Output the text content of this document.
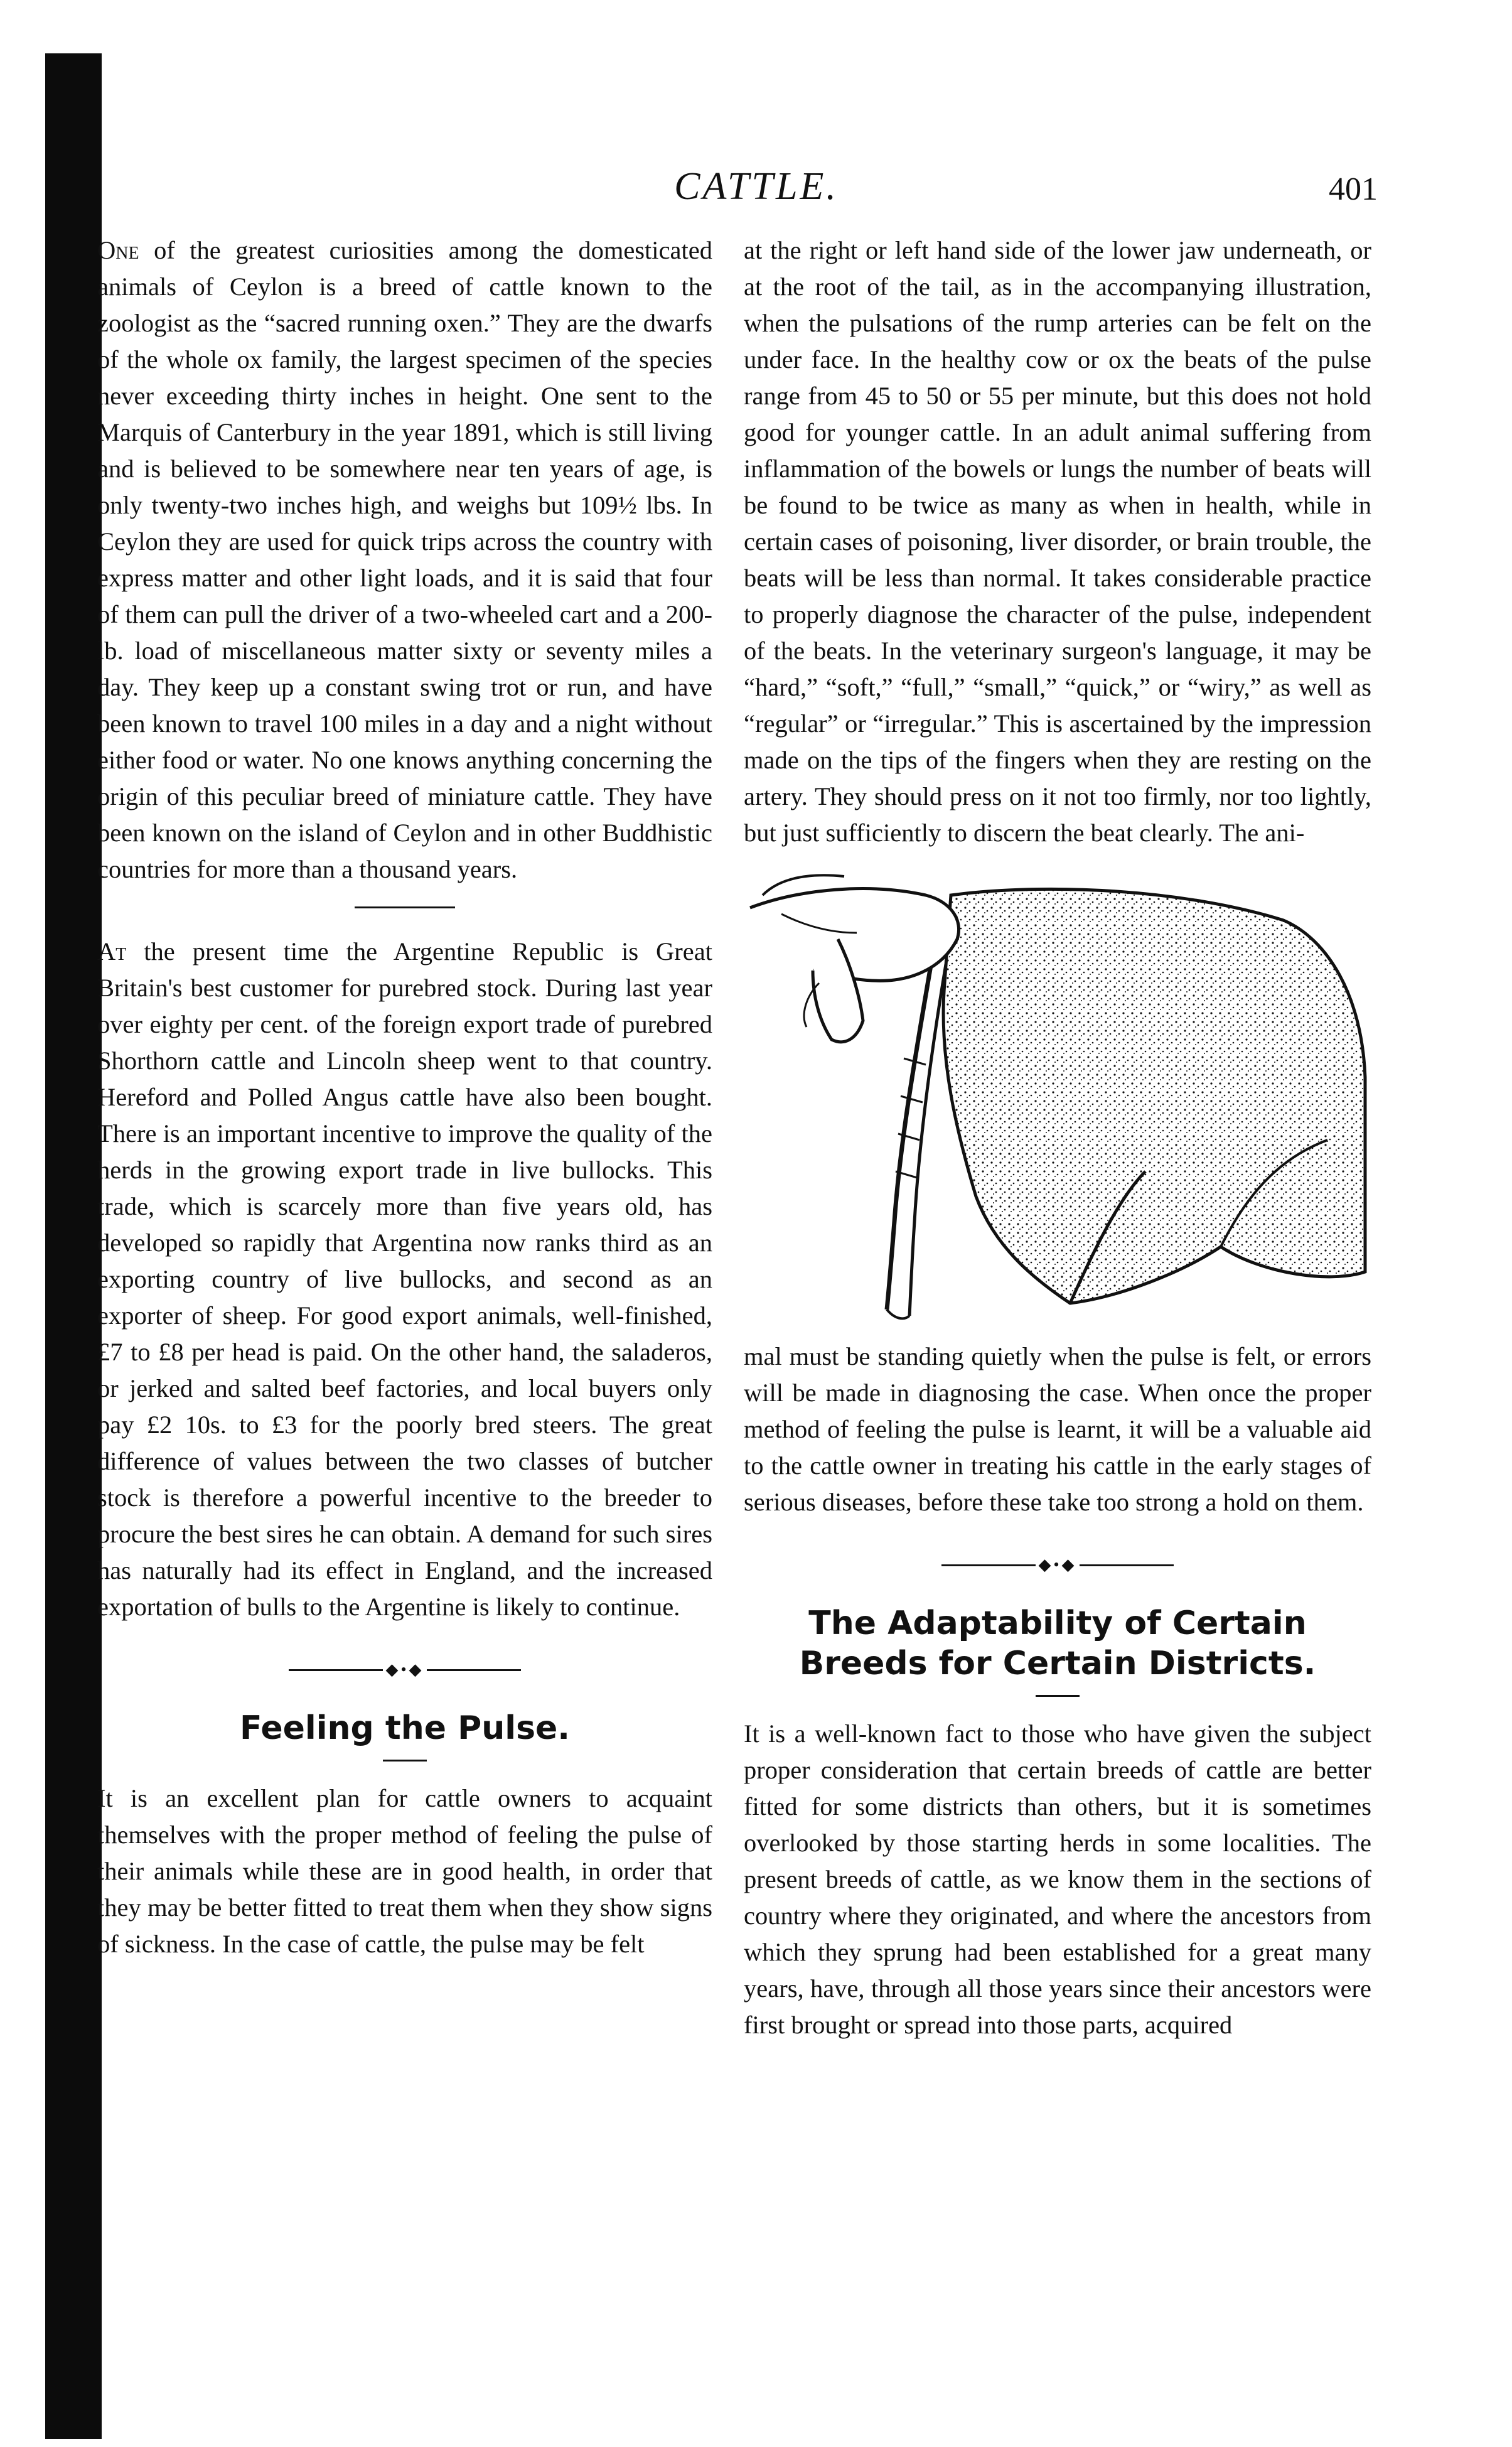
CATTLE.	401

One of the greatest curiosities among the domesticated animals of Ceylon is a breed of cattle known to the zoologist as the “sacred running oxen.” They are the dwarfs of the whole ox family, the largest specimen of the species never exceeding thirty inches in height. One sent to the Marquis of Canterbury in the year 1891, which is still living and is believed to be somewhere near ten years of age, is only twenty-two inches high, and weighs but 109½ lbs. In Ceylon they are used for quick trips across the country with express matter and other light loads, and it is said that four of them can pull the driver of a two-wheeled cart and a 200-lb. load of miscellaneous matter sixty or seventy miles a day. They keep up a constant swing trot or run, and have been known to travel 100 miles in a day and a night without either food or water. No one knows anything concerning the origin of this peculiar breed of miniature cattle. They have been known on the island of Ceylon and in other Buddhistic countries for more than a thousand years.

At the present time the Argentine Republic is Great Britain's best customer for purebred stock. During last year over eighty per cent. of the foreign export trade of purebred Shorthorn cattle and Lincoln sheep went to that country. Hereford and Polled Angus cattle have also been bought. There is an important incentive to improve the quality of the herds in the growing export trade in live bullocks. This trade, which is scarcely more than five years old, has developed so rapidly that Argentina now ranks third as an exporting country of live bullocks, and second as an exporter of sheep. For good export animals, well-finished, £7 to £8 per head is paid. On the other hand, the saladeros, or jerked and salted beef factories, and local buyers only pay £2 10s. to £3 for the poorly bred steers. The great difference of values between the two classes of butcher stock is therefore a powerful incentive to the breeder to procure the best sires he can obtain. A demand for such sires has naturally had its effect in England, and the increased exportation of bulls to the Argentine is likely to continue.

◆•◆
Feeling the Pulse.

It is an excellent plan for cattle owners to acquaint themselves with the proper method of feeling the pulse of their animals while these are in good health, in order that they may be better fitted to treat them when they show signs of sickness. In the case of cattle, the pulse may be felt

at the right or left hand side of the lower jaw underneath, or at the root of the tail, as in the accompanying illustration, when the pulsations of the rump arteries can be felt on the under face. In the healthy cow or ox the beats of the pulse range from 45 to 50 or 55 per minute, but this does not hold good for younger cattle. In an adult animal suffering from inflammation of the bowels or lungs the number of beats will be found to be twice as many as when in health, while in certain cases of poisoning, liver disorder, or brain trouble, the beats will be less than normal. It takes considerable practice to properly diagnose the character of the pulse, independent of the beats. In the veterinary surgeon's language, it may be “hard,” “soft,” “full,” “small,” “quick,” or “wiry,” as well as “regular” or “irregular.” This is ascertained by the impression made on the tips of the fingers when they are resting on the artery. They should press on it not too firmly, nor too lightly, but just sufficiently to discern the beat clearly. The ani-

mal must be standing quietly when the pulse is felt, or errors will be made in diagnosing the case. When once the proper method of feeling the pulse is learnt, it will be a valuable aid to the cattle owner in treating his cattle in the early stages of serious diseases, before these take too strong a hold on them.

◆•◆
The Adaptability of Certain Breeds for Certain Districts.

It is a well-known fact to those who have given the subject proper consideration that certain breeds of cattle are better fitted for some districts than others, but it is sometimes overlooked by those starting herds in some localities. The present breeds of cattle, as we know them in the sections of country where they originated, and where the ancestors from which they sprung had been established for a great many years, have, through all those years since their ancestors were first brought or spread into those parts, acquired
